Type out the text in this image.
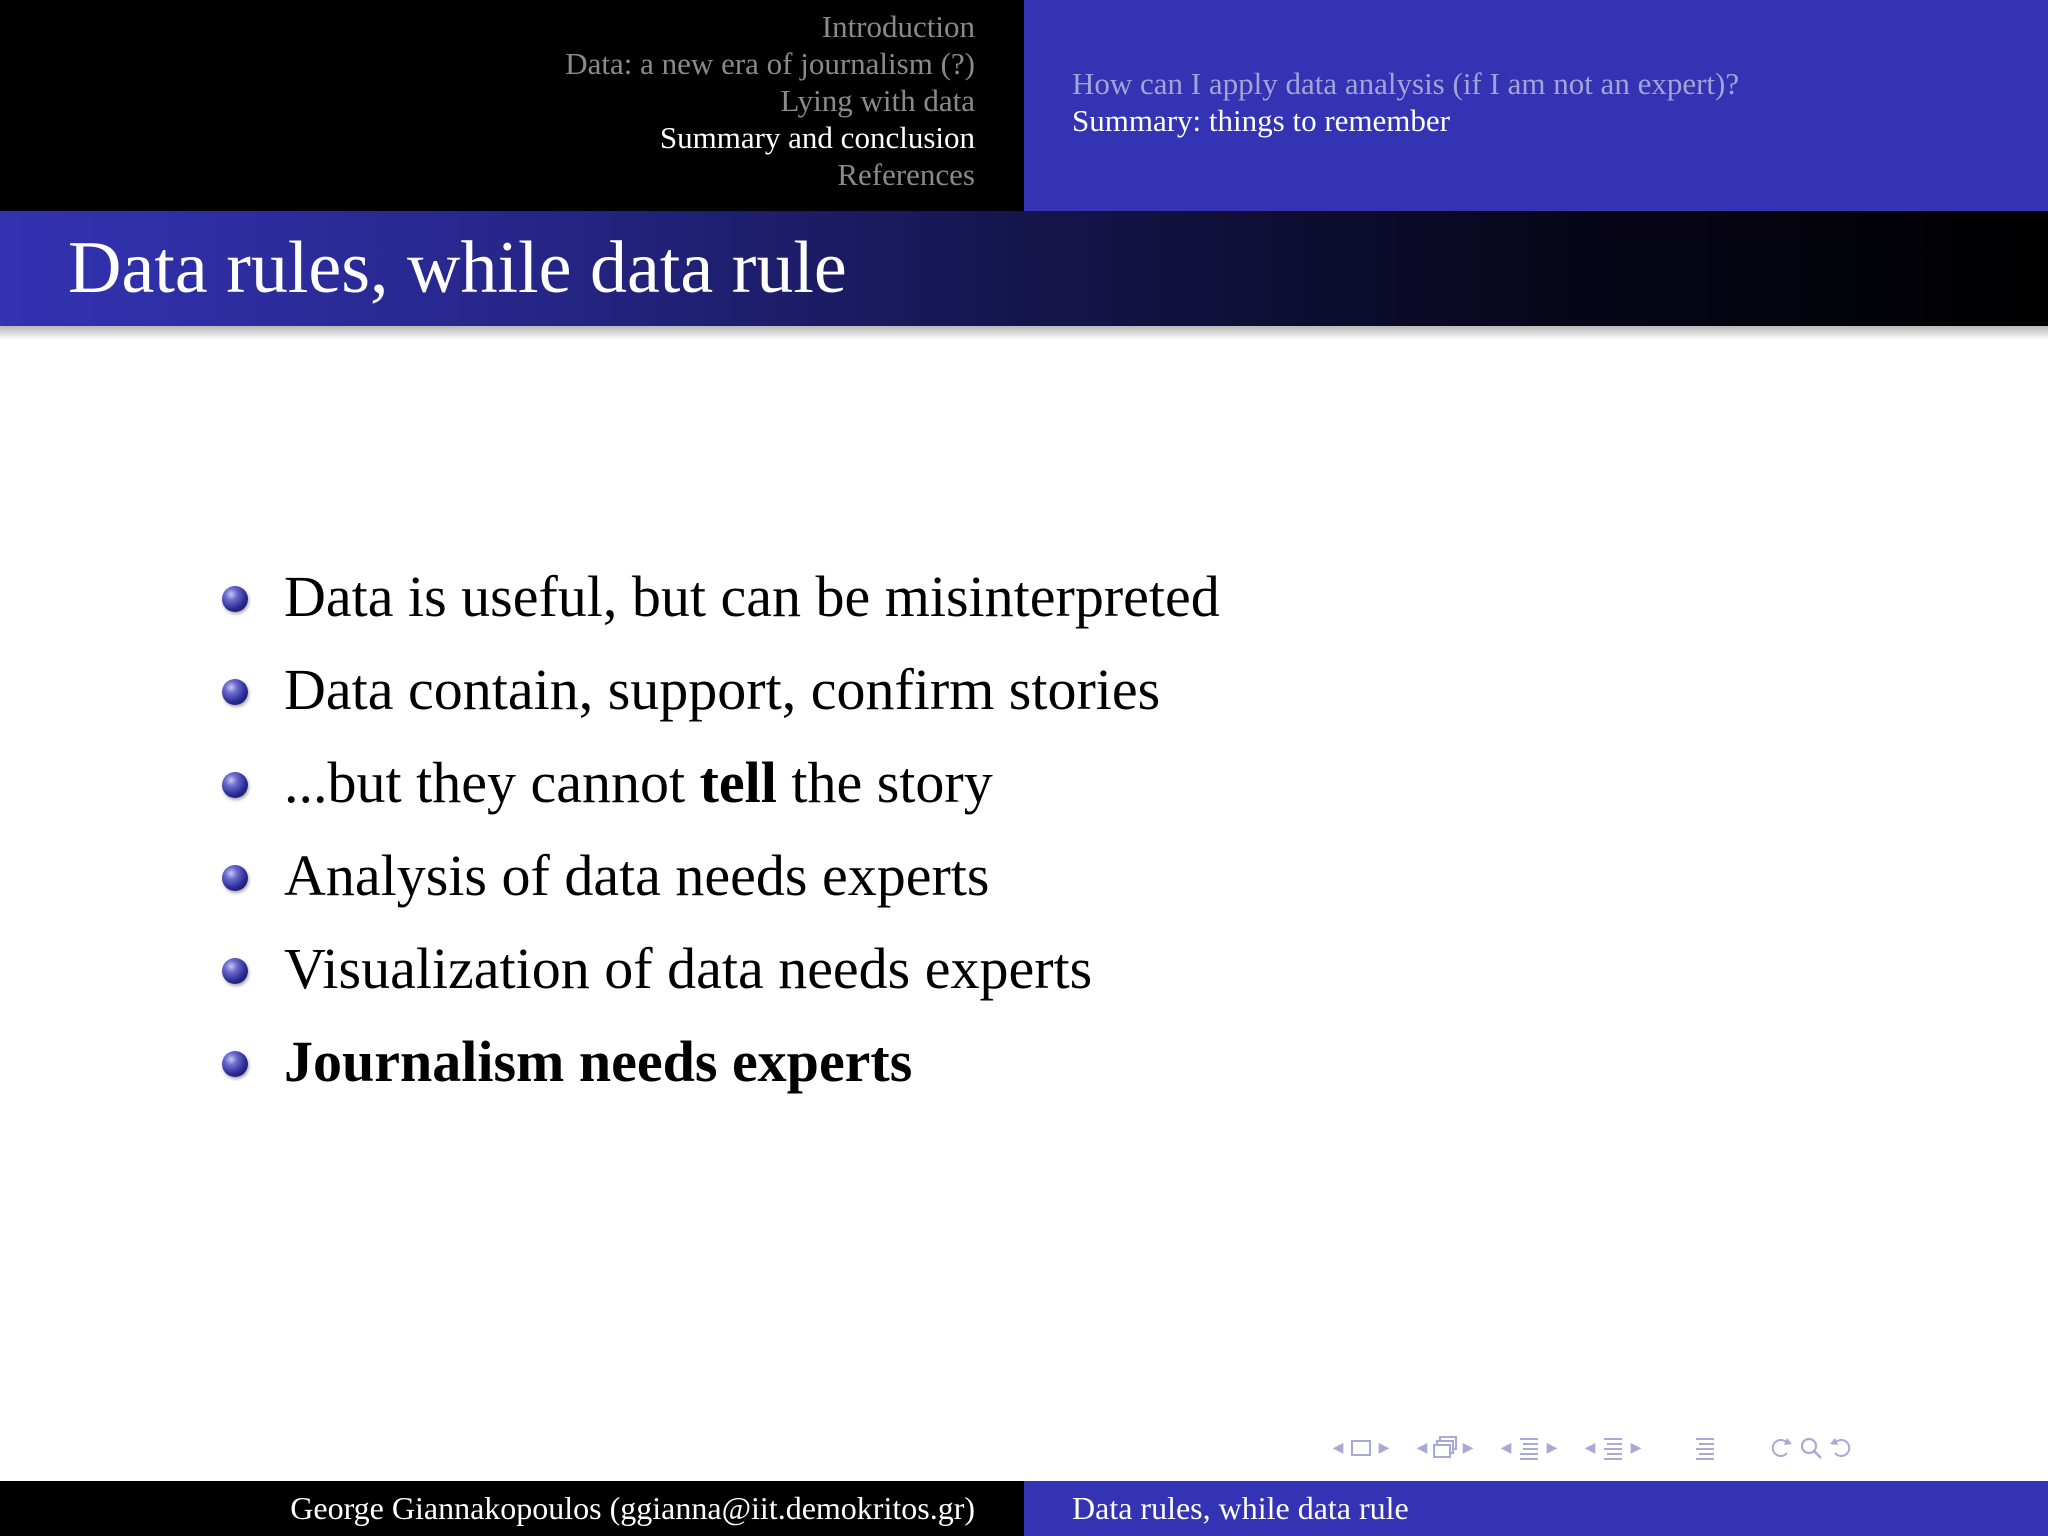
Introduction
Data: a new era of journalism (?)
Lying with data
Summary and conclusion
References
How can I apply data analysis (if I am not an expert)?
Summary: things to remember
Data rules, while data rule
Data is useful, but can be misinterpreted
Data contain, support, confirm stories
...but they cannot tell the story
Analysis of data needs experts
Visualization of data needs experts
Journalism needs experts
◀	▶ ◀	▶ ◀	▶ ◀	▶
George Giannakopoulos (ggianna@iit.demokritos.gr)	Data rules, while data rule
